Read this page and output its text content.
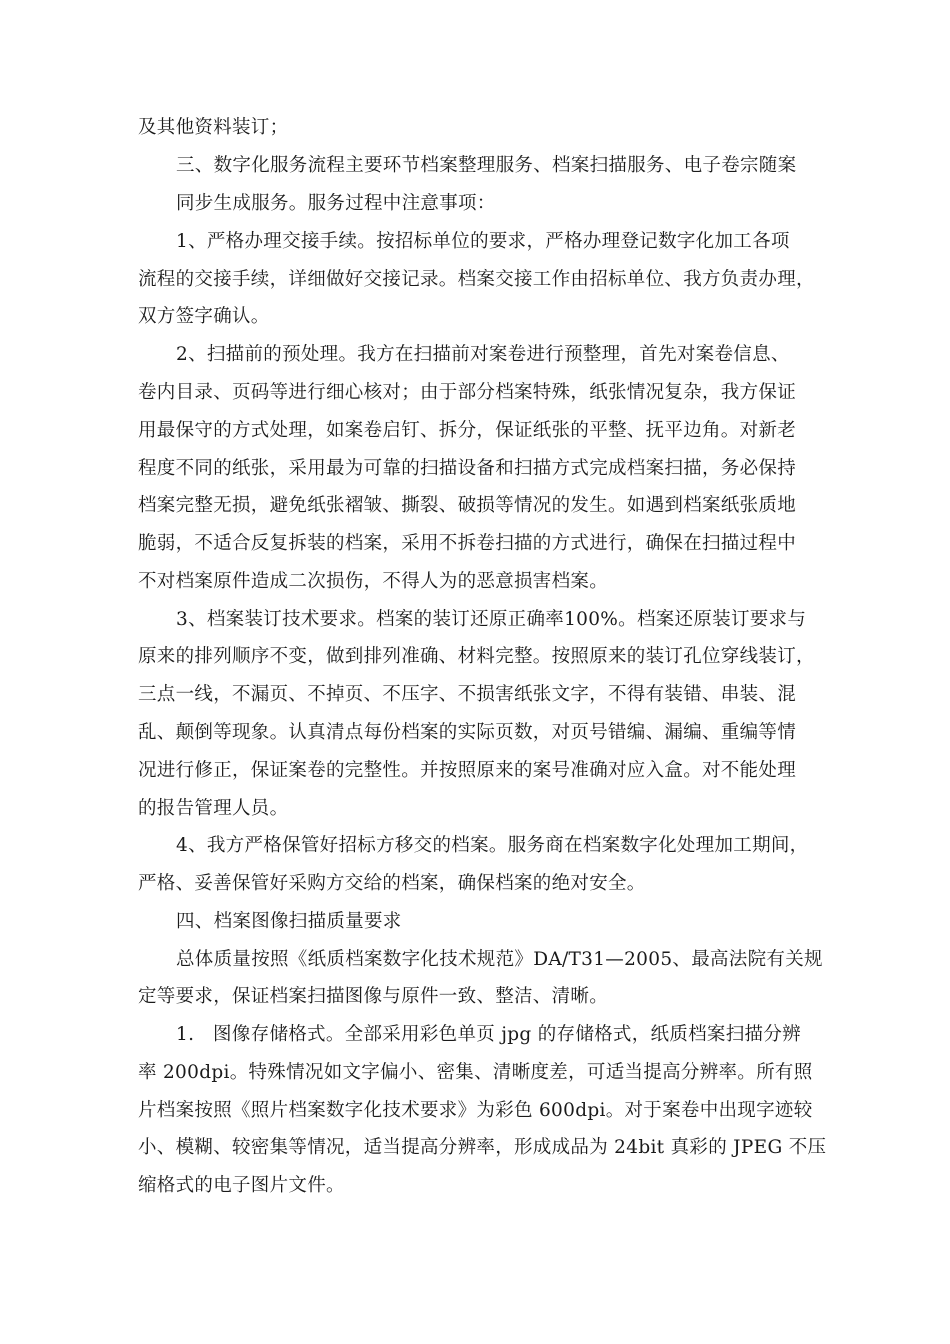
及其他资料装订；
三、数字化服务流程主要环节档案整理服务、档案扫描服务、电子卷宗随案
同步生成服务。服务过程中注意事项：
1、严格办理交接手续。按招标单位的要求，严格办理登记数字化加工各项
流程的交接手续，详细做好交接记录。档案交接工作由招标单位、我方负责办理，
双方签字确认。
2、扫描前的预处理。我方在扫描前对案卷进行预整理，首先对案卷信息、
卷内目录、页码等进行细心核对；由于部分档案特殊，纸张情况复杂，我方保证
用最保守的方式处理，如案卷启钉、拆分，保证纸张的平整、抚平边角。对新老
程度不同的纸张，采用最为可靠的扫描设备和扫描方式完成档案扫描，务必保持
档案完整无损，避免纸张褶皱、撕裂、破损等情况的发生。如遇到档案纸张质地
脆弱，不适合反复拆装的档案，采用不拆卷扫描的方式进行，确保在扫描过程中
不对档案原件造成二次损伤，不得人为的恶意损害档案。
3、档案装订技术要求。档案的装订还原正确率100%。档案还原装订要求与
原来的排列顺序不变，做到排列准确、材料完整。按照原来的装订孔位穿线装订，
三点一线，不漏页、不掉页、不压字、不损害纸张文字，不得有装错、串装、混
乱、颠倒等现象。认真清点每份档案的实际页数，对页号错编、漏编、重编等情
况进行修正，保证案卷的完整性。并按照原来的案号准确对应入盒。对不能处理
的报告管理人员。
4、我方严格保管好招标方移交的档案。服务商在档案数字化处理加工期间，
严格、妥善保管好采购方交给的档案，确保档案的绝对安全。
四、档案图像扫描质量要求
总体质量按照《纸质档案数字化技术规范》DA/T31—2005、最高法院有关规
定等要求，保证档案扫描图像与原件一致、整洁、清晰。
1.　图像存储格式。全部采用彩色单页 jpg 的存储格式，纸质档案扫描分辨
率 200dpi。特殊情况如文字偏小、密集、清晰度差，可适当提高分辨率。所有照
片档案按照《照片档案数字化技术要求》为彩色 600dpi。对于案卷中出现字迹较
小、模糊、较密集等情况，适当提高分辨率，形成成品为 24bit 真彩的 JPEG 不压
缩格式的电子图片文件。
